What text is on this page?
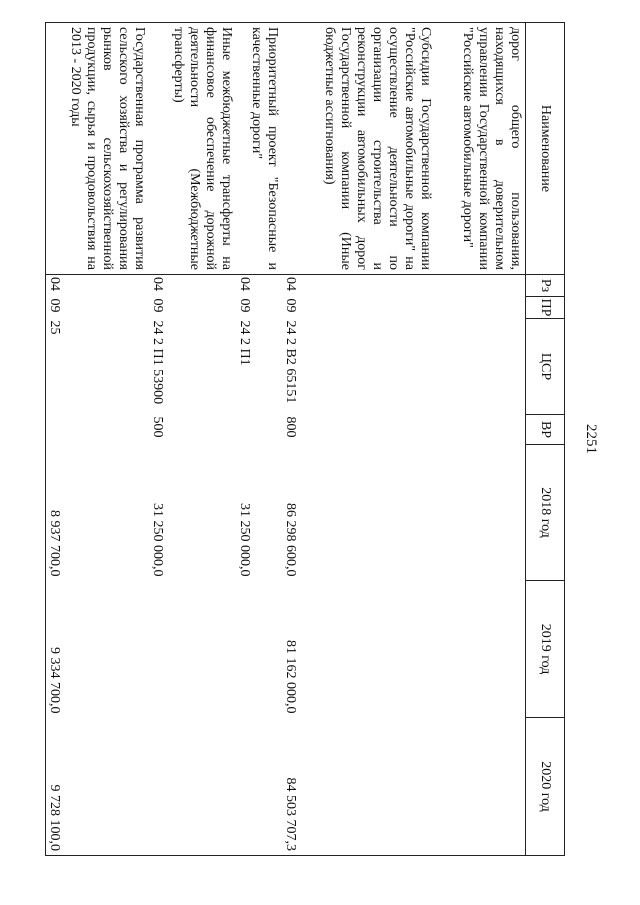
2251
Наименование	Рз	ПР	ЦСР	ВР	2018 год	2019 год	2020 год
дорог общего пользования, находящихся в доверительном управлении Государственной компании "Российские автомобильные дороги"							
Субсидии Государственной компании "Российские автомобильные дороги" на осуществление деятельности по организации строительства и реконструкции автомобильных дорог Государственной компании (Иные бюджетные ассигнования)	04	09	24 2 В2 65151	800	86 298 600,0	81 162 000,0	84 503 707,3
Приоритетный проект "Безопасные и качественные дороги"	04	09	24 2 П1		31 250 000,0		
Иные межбюджетные трансферты на финансовое обеспечение дорожной деятельности (Межбюджетные трансферты)	04	09	24 2 П1 53900	500	31 250 000,0		
Государственная программа развития сельского хозяйства и регулирования рынков сельскохозяйственной продукции, сырья и продовольствия на 2013 - 2020 годы	04	09	25		8 937 700,0	9 334 700,0	9 728 100,0
